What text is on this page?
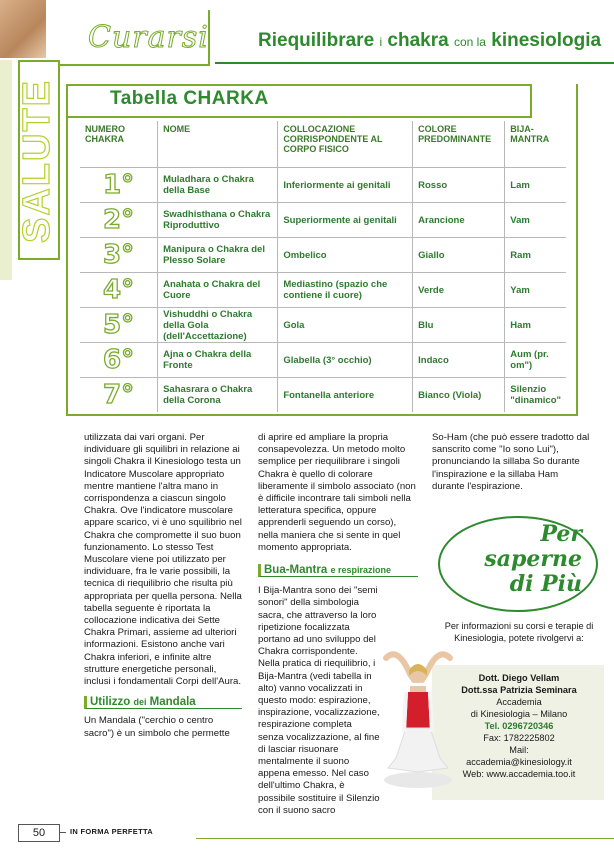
Curarsi	Riequilibrare i chakra con la kinesiologia
SALUTE	Tabella CHARKA
NUMERO CHAKRA	NOME	COLLOCAZIONE CORRISPONDENTE AL CORPO FISICO	COLORE PREDOMINANTE	BIJA-MANTRA
1°	Muladhara o Chakra della Base	Inferiormente ai genitali	Rosso	Lam
2°	Swadhisthana o Chakra Riproduttivo	Superiormente ai genitali	Arancione	Vam
3°	Manipura o Chakra del Plesso Solare	Ombelico	Giallo	Ram
4°	Anahata o Chakra del Cuore	Mediastino (spazio che contiene il cuore)	Verde	Yam
5°	Vishuddhi o Chakra della Gola (dell'Accettazione)	Gola	Blu	Ham
6°	Ajna o Chakra della Fronte	Glabella (3° occhio)	Indaco	Aum (pr. om")
7°	Sahasrara o Chakra della Corona	Fontanella anteriore	Bianco (Viola)	Silenzio "dinamico"
utilizzata dai vari organi. Per individuare gli squilibri in relazione ai singoli Chakra il Kinesiologo testa un Indicatore Muscolare appropriato mentre mantiene l'altra mano in corrispondenza a ciascun singolo Chakra. Ove l'indicatore muscolare appare scarico, vi è uno squilibrio nel Chakra che compromette il suo buon funzionamento. Lo stesso Test Muscolare viene poi utilizzato per individuare, fra le varie possibili, la tecnica di riequilibrio che risulta più appropriata per quella persona. Nella tabella seguente è riportata la collocazione indicativa dei Sette Chakra Primari, assieme ad ulteriori informazioni. Esistono anche vari Chakra inferiori, e infinite altre strutture energetiche personali, inclusi i fondamentali Corpi dell'Aura.
Utilizzo dei Mandala
Un Mandala ("cerchio o centro sacro") è un simbolo che permette
di aprire ed ampliare la propria consapevolezza. Un metodo molto semplice per riequilibrare i singoli Chakra è quello di colorare liberamente il simbolo associato (non è difficile incontrare tali simboli nella letteratura specifica, oppure apprenderli seguendo un corso), nella maniera che si sente in quel momento appropriata.
Bua-Mantra e respirazione
I Bija-Mantra sono dei "semi sonori" della simbologia sacra, che attraverso la loro ripetizione focalizzata portano ad uno sviluppo del Chakra corrispondente. Nella pratica di riequilibrio, i Bija-Mantra (vedi tabella in alto) vanno vocalizzati in questo modo: espirazione, inspirazione, vocalizzazione, respirazione completa senza vocalizzazione, al fine di lasciar risuonare mentalmente il suono appena emesso. Nel caso dell'ultimo Chakra, è possibile sostituire il Silenzio con il suono sacro
So-Ham (che può essere tradotto dal sanscrito come "Io sono Lui"), pronunciando la sillaba So durante l'inspirazione e la sillaba Ham durante l'espirazione.
Per
saperne
di Più
Per informazioni su corsi e terapie di Kinesiologia, potete rivolgervi a:
Dott. Diego Vellam
Dott.ssa Patrizia Seminara
Accademia
di Kinesiologia – Milano
Tel. 0296720346
Fax: 1782225802
Mail:
accademia@kinesiology.it
Web: www.accademia.too.it
50	IN FORMA PERFETTA
